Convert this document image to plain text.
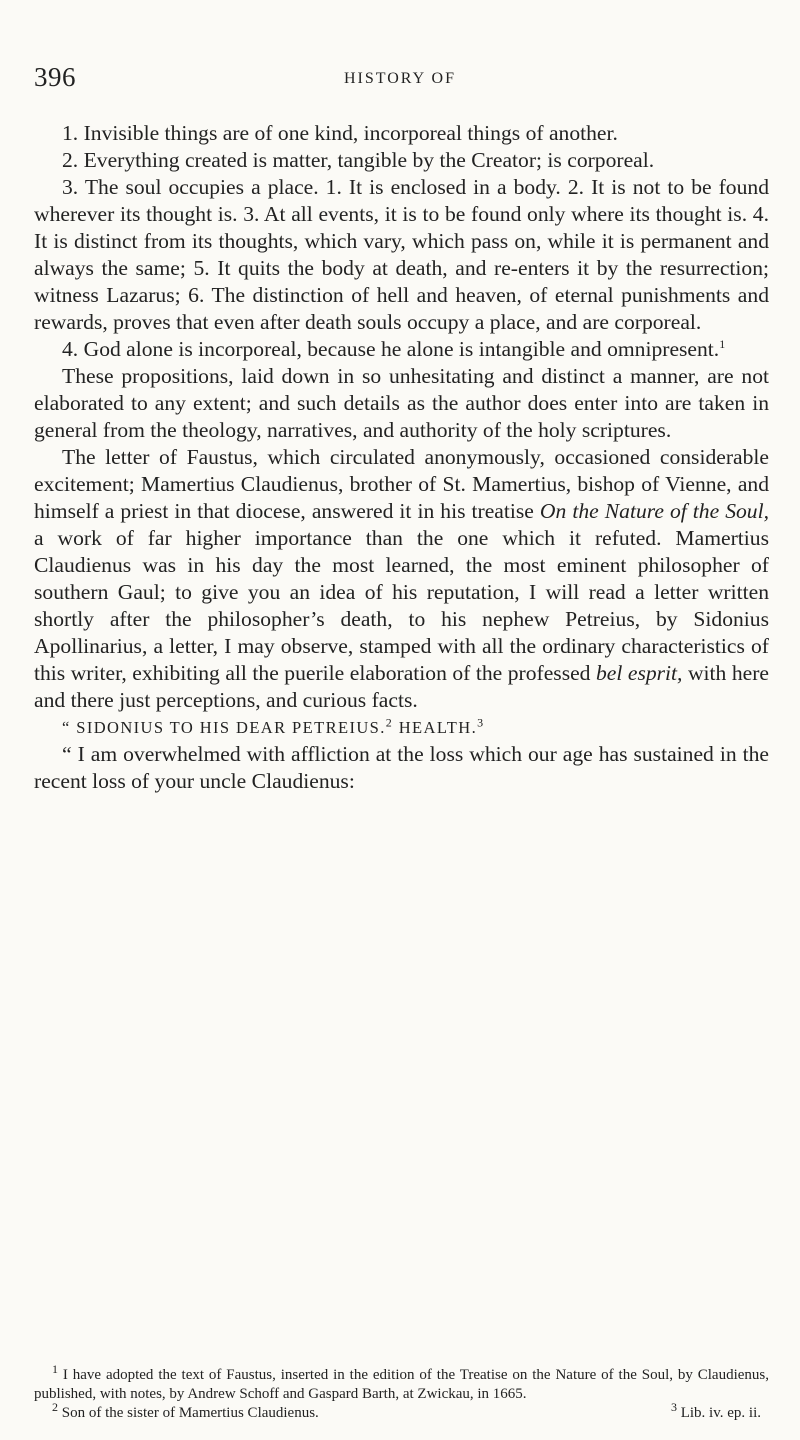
396	HISTORY OF

1. Invisible things are of one kind, incorporeal things of another.

2. Everything created is matter, tangible by the Creator; is corporeal.

3. The soul occupies a place. 1. It is enclosed in a body. 2. It is not to be found wherever its thought is. 3. At all events, it is to be found only where its thought is. 4. It is distinct from its thoughts, which vary, which pass on, while it is permanent and always the same; 5. It quits the body at death, and re-enters it by the resurrection; witness Lazarus; 6. The distinction of hell and heaven, of eternal punishments and rewards, proves that even after death souls occupy a place, and are corporeal.

4. God alone is incorporeal, because he alone is intangible and omnipresent.$^1$

These propositions, laid down in so unhesitating and distinct a manner, are not elaborated to any extent; and such details as the author does enter into are taken in general from the theology, narratives, and authority of the holy scriptures.

The letter of Faustus, which circulated anonymously, occasioned considerable excitement; Mamertius Claudienus, brother of St. Mamertius, bishop of Vienne, and himself a priest in that diocese, answered it in his treatise On the Nature of the Soul, a work of far higher importance than the one which it refuted. Mamertius Claudienus was in his day the most learned, the most eminent philosopher of southern Gaul; to give you an idea of his reputation, I will read a letter written shortly after the philosopher’s death, to his nephew Petreius, by Sidonius Apollinarius, a letter, I may observe, stamped with all the ordinary characteristics of this writer, exhibiting all the puerile elaboration of the professed bel esprit, with here and there just perceptions, and curious facts.

“ SIDONIUS TO HIS DEAR PETREIUS.$^2$ HEALTH.$^3$

“ I am overwhelmed with affliction at the loss which our age has sustained in the recent loss of your uncle Claudienus:

$^1$ I have adopted the text of Faustus, inserted in the edition of the Treatise on the Nature of the Soul, by Claudienus, published, with notes, by Andrew Schoff and Gaspard Barth, at Zwickau, in 1665.

$^2$ Son of the sister of Mamertius Claudienus.	$^3$ Lib. iv. ep. ii.
